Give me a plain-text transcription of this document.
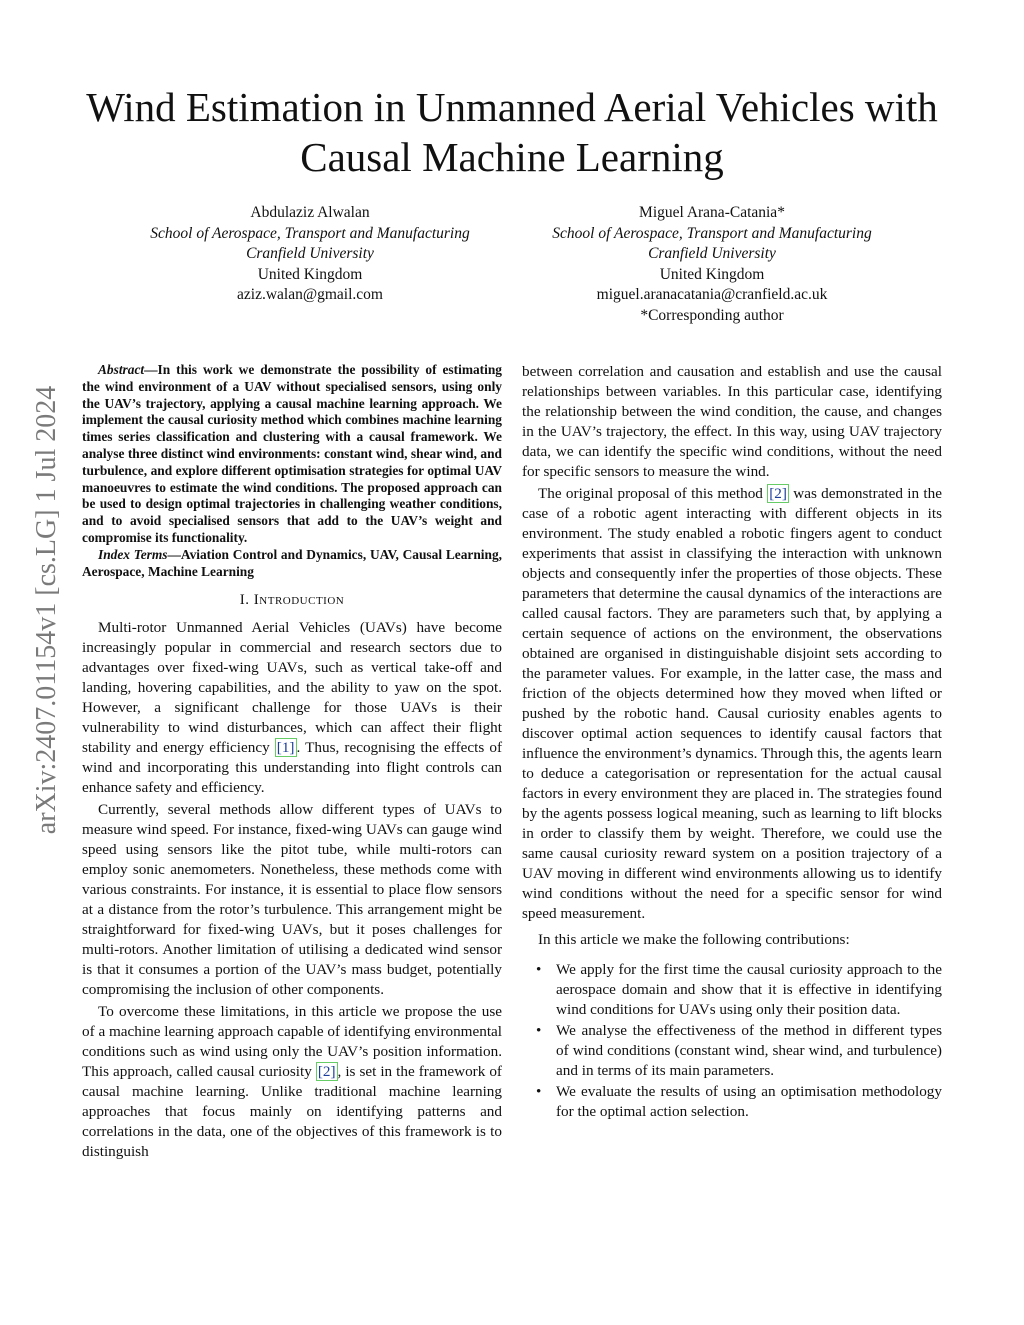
arXiv:2407.01154v1 [cs.LG] 1 Jul 2024
Wind Estimation in Unmanned Aerial Vehicles with
Causal Machine Learning
Abdulaziz Alwalan
School of Aerospace, Transport and Manufacturing
Cranfield University
United Kingdom
aziz.walan@gmail.com
Miguel Arana-Catania*
School of Aerospace, Transport and Manufacturing
Cranfield University
United Kingdom
miguel.aranacatania@cranfield.ac.uk
*Corresponding author

Abstract—In this work we demonstrate the possibility of estimating the wind environment of a UAV without specialised sensors, using only the UAV’s trajectory, applying a causal machine learning approach. We implement the causal curiosity method which combines machine learning times series classification and clustering with a causal framework. We analyse three distinct wind environments: constant wind, shear wind, and turbulence, and explore different optimisation strategies for optimal UAV manoeuvres to estimate the wind conditions. The proposed approach can be used to design optimal trajectories in challenging weather conditions, and to avoid specialised sensors that add to the UAV’s weight and compromise its functionality.

Index Terms—Aviation Control and Dynamics, UAV, Causal Learning, Aerospace, Machine Learning

I. Introduction

Multi-rotor Unmanned Aerial Vehicles (UAVs) have become increasingly popular in commercial and research sectors due to advantages over fixed-wing UAVs, such as vertical take-off and landing, hovering capabilities, and the ability to yaw on the spot. However, a significant challenge for those UAVs is their vulnerability to wind disturbances, which can affect their flight stability and energy efficiency [1] . Thus, recognising the effects of wind and incorporating this understanding into flight controls can enhance safety and efficiency.

Currently, several methods allow different types of UAVs to measure wind speed. For instance, fixed-wing UAVs can gauge wind speed using sensors like the pitot tube, while multi-rotors can employ sonic anemometers. Nonetheless, these methods come with various constraints. For instance, it is essential to place flow sensors at a distance from the rotor’s turbulence. This arrangement might be straightforward for fixed-wing UAVs, but it poses challenges for multi-rotors. Another limitation of utilising a dedicated wind sensor is that it consumes a portion of the UAV’s mass budget, potentially compromising the inclusion of other components.

To overcome these limitations, in this article we propose the use of a machine learning approach capable of identifying environmental conditions such as wind using only the UAV’s position information. This approach, called causal curiosity [2] , is set in the framework of causal machine learning. Unlike traditional machine learning approaches that focus mainly on identifying patterns and correlations in the data, one of the objectives of this framework is to distinguish

between correlation and causation and establish and use the causal relationships between variables. In this particular case, identifying the relationship between the wind condition, the cause, and changes in the UAV’s trajectory, the effect. In this way, using UAV trajectory data, we can identify the specific wind conditions, without the need for specific sensors to measure the wind.

The original proposal of this method [2] was demonstrated in the case of a robotic agent interacting with different objects in its environment. The study enabled a robotic fingers agent to conduct experiments that assist in classifying the interaction with unknown objects and consequently infer the properties of those objects. These parameters that determine the causal dynamics of the interactions are called causal factors. They are parameters such that, by applying a certain sequence of actions on the environment, the observations obtained are organised in distinguishable disjoint sets according to the parameter values. For example, in the latter case, the mass and friction of the objects determined how they moved when lifted or pushed by the robotic hand. Causal curiosity enables agents to discover optimal action sequences to identify causal factors that influence the environment’s dynamics. Through this, the agents learn to deduce a categorisation or representation for the actual causal factors in every environment they are placed in. The strategies found by the agents possess logical meaning, such as learning to lift blocks in order to classify them by weight. Therefore, we could use the same causal curiosity reward system on a position trajectory of a UAV moving in different wind environments allowing us to identify wind conditions without the need for a specific sensor for wind speed measurement.

In this article we make the following contributions:

• We apply for the first time the causal curiosity approach to the aerospace domain and show that it is effective in identifying wind conditions for UAVs using only their position data.
• We analyse the effectiveness of the method in different types of wind conditions (constant wind, shear wind, and turbulence) and in terms of its main parameters.
• We evaluate the results of using an optimisation methodology for the optimal action selection.
